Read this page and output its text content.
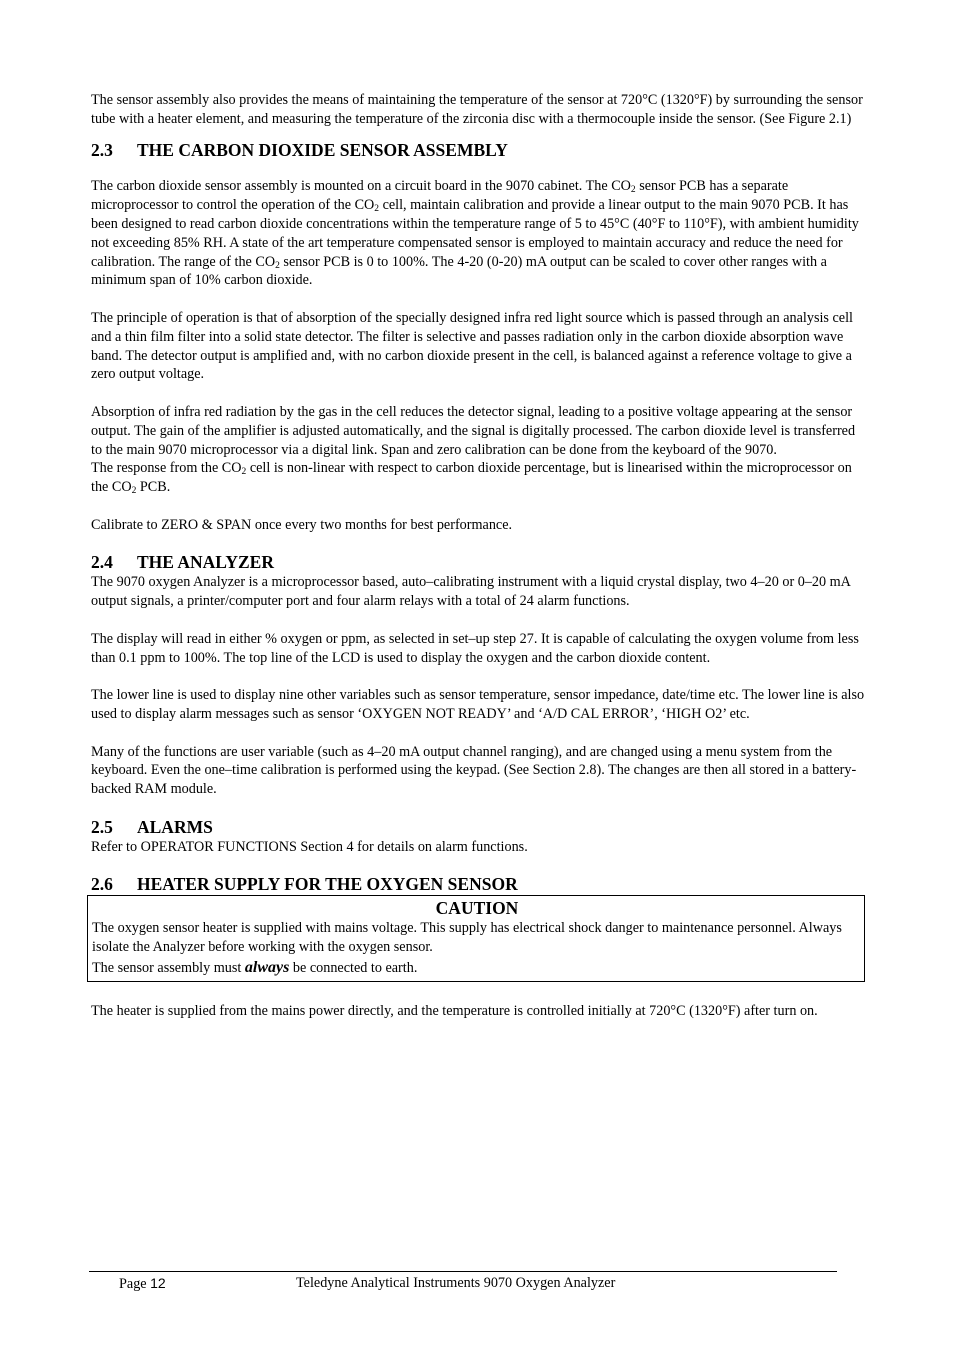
The sensor assembly also provides the means of maintaining the temperature of the sensor at 720°C (1320°F) by surrounding the sensor tube with a heater element, and measuring the temperature of the zirconia disc with a thermocouple inside the sensor. (See Figure 2.1)

2.3 THE CARBON DIOXIDE SENSOR ASSEMBLY

The carbon dioxide sensor assembly is mounted on a circuit board in the 9070 cabinet. The $CO_2$ sensor PCB has a separate microprocessor to control the operation of the $CO_2$ cell, maintain calibration and provide a linear output to the main 9070 PCB. It has been designed to read carbon dioxide concentrations within the temperature range of 5 to 45°C (40°F to 110°F), with ambient humidity not exceeding 85% RH. A state of the art temperature compensated sensor is employed to maintain accuracy and reduce the need for calibration. The range of the $CO_2$ sensor PCB is 0 to 100%. The 4-20 (0-20) mA output can be scaled to cover other ranges with a minimum span of 10% carbon dioxide.

The principle of operation is that of absorption of the specially designed infra red light source which is passed through an analysis cell and a thin film filter into a solid state detector. The filter is selective and passes radiation only in the carbon dioxide absorption wave band. The detector output is amplified and, with no carbon dioxide present in the cell, is balanced against a reference voltage to give a zero output voltage.

Absorption of infra red radiation by the gas in the cell reduces the detector signal, leading to a positive voltage appearing at the sensor output. The gain of the amplifier is adjusted automatically, and the signal is digitally processed. The carbon dioxide level is transferred to the main 9070 microprocessor via a digital link. Span and zero calibration can be done from the keyboard of the 9070.

The response from the $CO_2$ cell is non-linear with respect to carbon dioxide percentage, but is linearised within the microprocessor on the $CO_2$ PCB.

Calibrate to ZERO & SPAN once every two months for best performance.

2.4 THE ANALYZER

The 9070 oxygen Analyzer is a microprocessor based, auto–calibrating instrument with a liquid crystal display, two 4–20 or 0–20 mA output signals, a printer/computer port and four alarm relays with a total of 24 alarm functions.

The display will read in either % oxygen or ppm, as selected in set–up step 27. It is capable of calculating the oxygen volume from less than 0.1 ppm to 100%. The top line of the LCD is used to display the oxygen and the carbon dioxide content.

The lower line is used to display nine other variables such as sensor temperature, sensor impedance, date/time etc. The lower line is also used to display alarm messages such as sensor ‘OXYGEN NOT READY’ and ‘A/D CAL ERROR’, ‘HIGH O2’ etc.

Many of the functions are user variable (such as 4–20 mA output channel ranging), and are changed using a menu system from the keyboard. Even the one–time calibration is performed using the keypad. (See Section 2.8). The changes are then all stored in a battery-backed RAM module.

2.5 ALARMS

Refer to OPERATOR FUNCTIONS Section 4 for details on alarm functions.

2.6 HEATER SUPPLY FOR THE OXYGEN SENSOR
CAUTION

The oxygen sensor heater is supplied with mains voltage. This supply has electrical shock danger to maintenance personnel. Always isolate the Analyzer before working with the oxygen sensor.

The sensor assembly must always be connected to earth.

The heater is supplied from the mains power directly, and the temperature is controlled initially at 720°C (1320°F) after turn on.

Page 12	Teledyne Analytical Instruments 9070 Oxygen Analyzer
